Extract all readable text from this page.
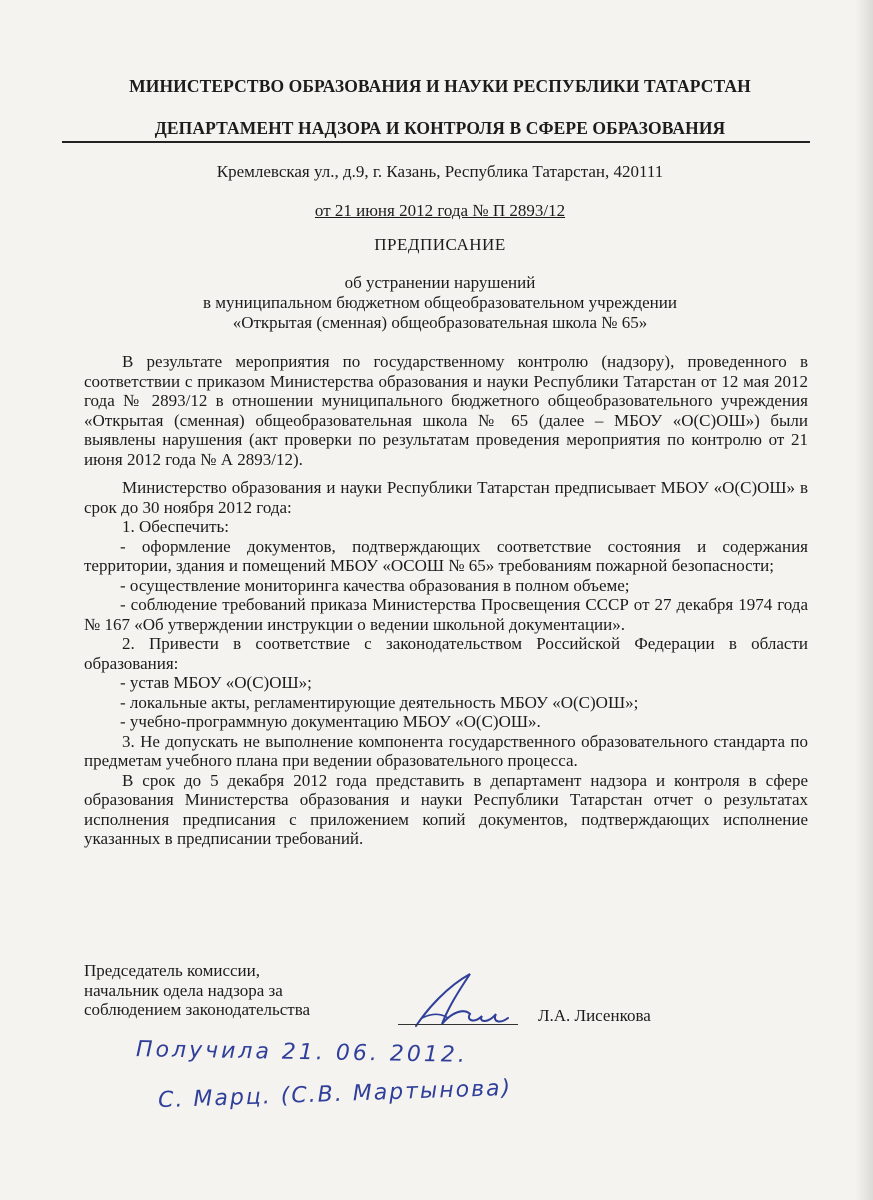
МИНИСТЕРСТВО ОБРАЗОВАНИЯ И НАУКИ РЕСПУБЛИКИ ТАТАРСТАН
ДЕПАРТАМЕНТ НАДЗОРА И КОНТРОЛЯ В СФЕРЕ ОБРАЗОВАНИЯ
Кремлевская ул., д.9, г. Казань, Республика Татарстан, 420111
от 21 июня 2012 года № П 2893/12
ПРЕДПИСАНИЕ
об устранении нарушений
в муниципальном бюджетном общеобразовательном учреждении
«Открытая (сменная) общеобразовательная школа № 65»

В результате мероприятия по государственному контролю (надзору), проведенного в соответствии с приказом Министерства образования и науки Республики Татарстан от 12 мая 2012 года № 2893/12 в отношении муниципального бюджетного общеобразовательного учреждения «Открытая (сменная) общеобразовательная школа № 65 (далее – МБОУ «О(С)ОШ») были выявлены нарушения (акт проверки по результатам проведения мероприятия по контролю от 21 июня 2012 года № А 2893/12).

Министерство образования и науки Республики Татарстан предписывает МБОУ «О(С)ОШ» в срок до 30 ноября 2012 года:

1. Обеспечить:

- оформление документов, подтверждающих соответствие состояния и содержания территории, здания и помещений МБОУ «ОСОШ № 65» требованиям пожарной безопасности;

- осуществление мониторинга качества образования в полном объеме;

- соблюдение требований приказа Министерства Просвещения СССР от 27 декабря 1974 года № 167 «Об утверждении инструкции о ведении школьной документации».

2. Привести в соответствие с законодательством Российской Федерации в области образования:

- устав МБОУ «О(С)ОШ»;

- локальные акты, регламентирующие деятельность МБОУ «О(С)ОШ»;

- учебно-программную документацию МБОУ «О(С)ОШ».

3. Не допускать не выполнение компонента государственного образовательного стандарта по предметам учебного плана при ведении образовательного процесса.

В срок до 5 декабря 2012 года представить в департамент надзора и контроля в сфере образования Министерства образования и науки Республики Татарстан отчет о результатах исполнения предписания с приложением копий документов, подтверждающих исполнение указанных в предписании требований.

Председатель комиссии,
начальник одела надзора за
соблюдением законодательства	Л.А. Лисенкова
Получила 21. 06. 2012.
С. Марц. (С.В. Мартынова)
